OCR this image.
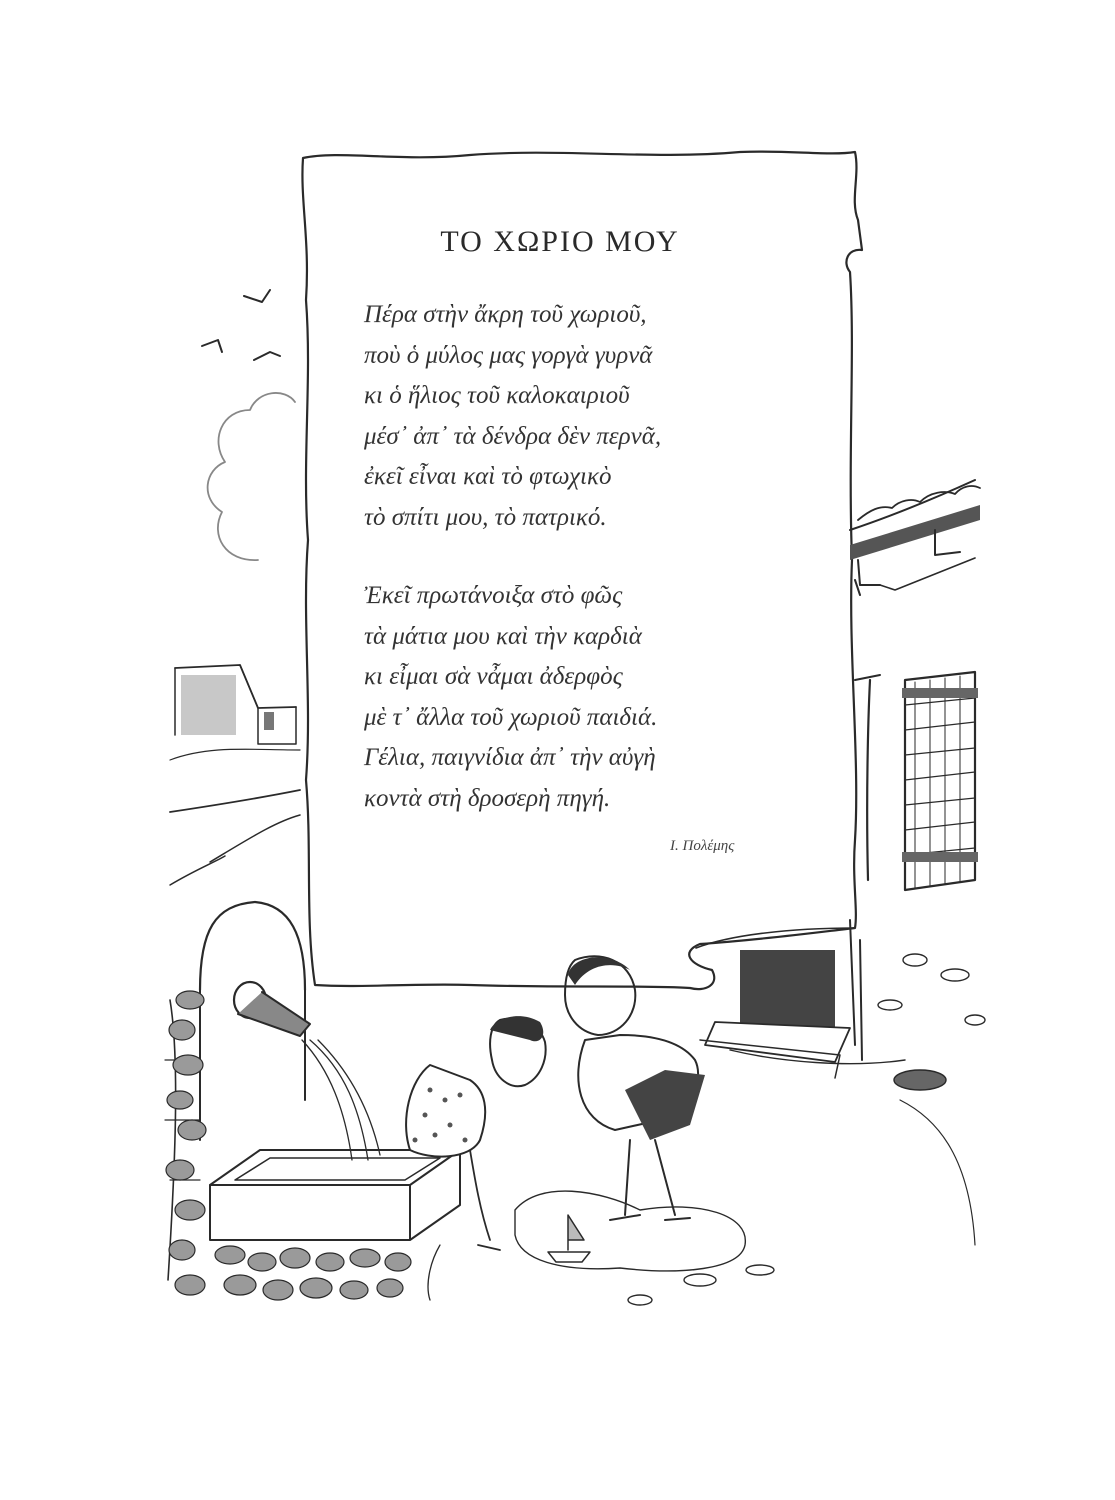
ΤΟ ΧΩΡΙΟ ΜΟΥ
Πέρα στὴν ἄκρη τοῦ χωριοῦ,
ποὺ ὁ μύλος μας γοργὰ γυρνᾶ
κι ὁ ἥλιος τοῦ καλοκαιριοῦ
μέσ᾽ ἀπ᾽ τὰ δένδρα δὲν περνᾶ,
ἐκεῖ εἶναι καὶ τὸ φτωχικὸ
τὸ σπίτι μου, τὸ πατρικό.
Ἐκεῖ πρωτάνοιξα στὸ φῶς
τὰ μάτια μου καὶ τὴν καρδιὰ
κι εἶμαι σὰ νἆμαι ἀδερφὸς
μὲ τ᾽ ἄλλα τοῦ χωριοῦ παιδιά.
Γέλια, παιγνίδια ἀπ᾽ τὴν αὐγὴ
κοντὰ στὴ δροσερὴ πηγή.
Ι. Πολέμης
